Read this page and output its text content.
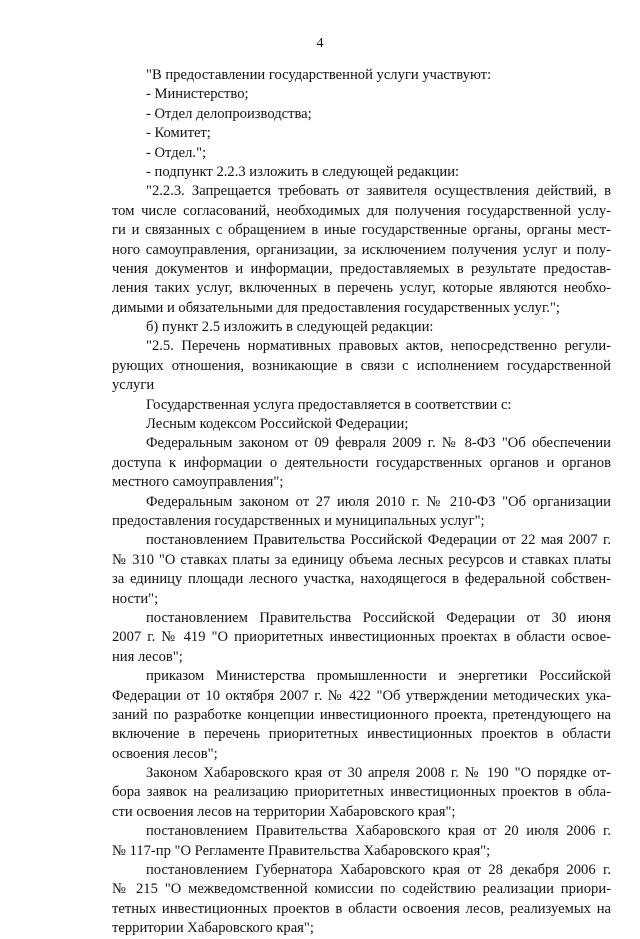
4
"В предоставлении государственной услуги участвуют:
- Министерство;
- Отдел делопроизводства;
- Комитет;
- Отдел.";
- подпункт 2.2.3 изложить в следующей редакции:
"2.2.3. Запрещается требовать от заявителя осуществления действий, в
том числе согласований, необходимых для получения государственной услу-
ги и связанных с обращением в иные государственные органы, органы мест-
ного самоуправления, организации, за исключением получения услуг и полу-
чения документов и информации, предоставляемых в результате предостав-
ления таких услуг, включенных в перечень услуг, которые являются необхо-
димыми и обязательными для предоставления государственных услуг.";
б) пункт 2.5 изложить в следующей редакции:
"2.5. Перечень нормативных правовых актов, непосредственно регули-
рующих отношения, возникающие в связи с исполнением государственной
услуги
Государственная услуга предоставляется в соответствии с:
Лесным кодексом Российской Федерации;
Федеральным законом от 09 февраля 2009 г. № 8-ФЗ "Об обеспечении
доступа к информации о деятельности государственных органов и органов
местного самоуправления";
Федеральным законом от 27 июля 2010 г. № 210-ФЗ "Об организации
предоставления государственных и муниципальных услуг";
постановлением Правительства Российской Федерации от 22 мая 2007 г.
№ 310 "О ставках платы за единицу объема лесных ресурсов и ставках платы
за единицу площади лесного участка, находящегося в федеральной собствен-
ности";
постановлением Правительства Российской Федерации от 30 июня
2007 г. № 419 "О приоритетных инвестиционных проектах в области освое-
ния лесов";
приказом Министерства промышленности и энергетики Российской
Федерации от 10 октября 2007 г. № 422 "Об утверждении методических ука-
заний по разработке концепции инвестиционного проекта, претендующего на
включение в перечень приоритетных инвестиционных проектов в области
освоения лесов";
Законом Хабаровского края от 30 апреля 2008 г. № 190 "О порядке от-
бора заявок на реализацию приоритетных инвестиционных проектов в обла-
сти освоения лесов на территории Хабаровского края";
постановлением Правительства Хабаровского края от 20 июля 2006 г.
№ 117-пр "О Регламенте Правительства Хабаровского края";
постановлением Губернатора Хабаровского края от 28 декабря 2006 г.
№ 215 "О межведомственной комиссии по содействию реализации приори-
тетных инвестиционных проектов в области освоения лесов, реализуемых на
территории Хабаровского края";
